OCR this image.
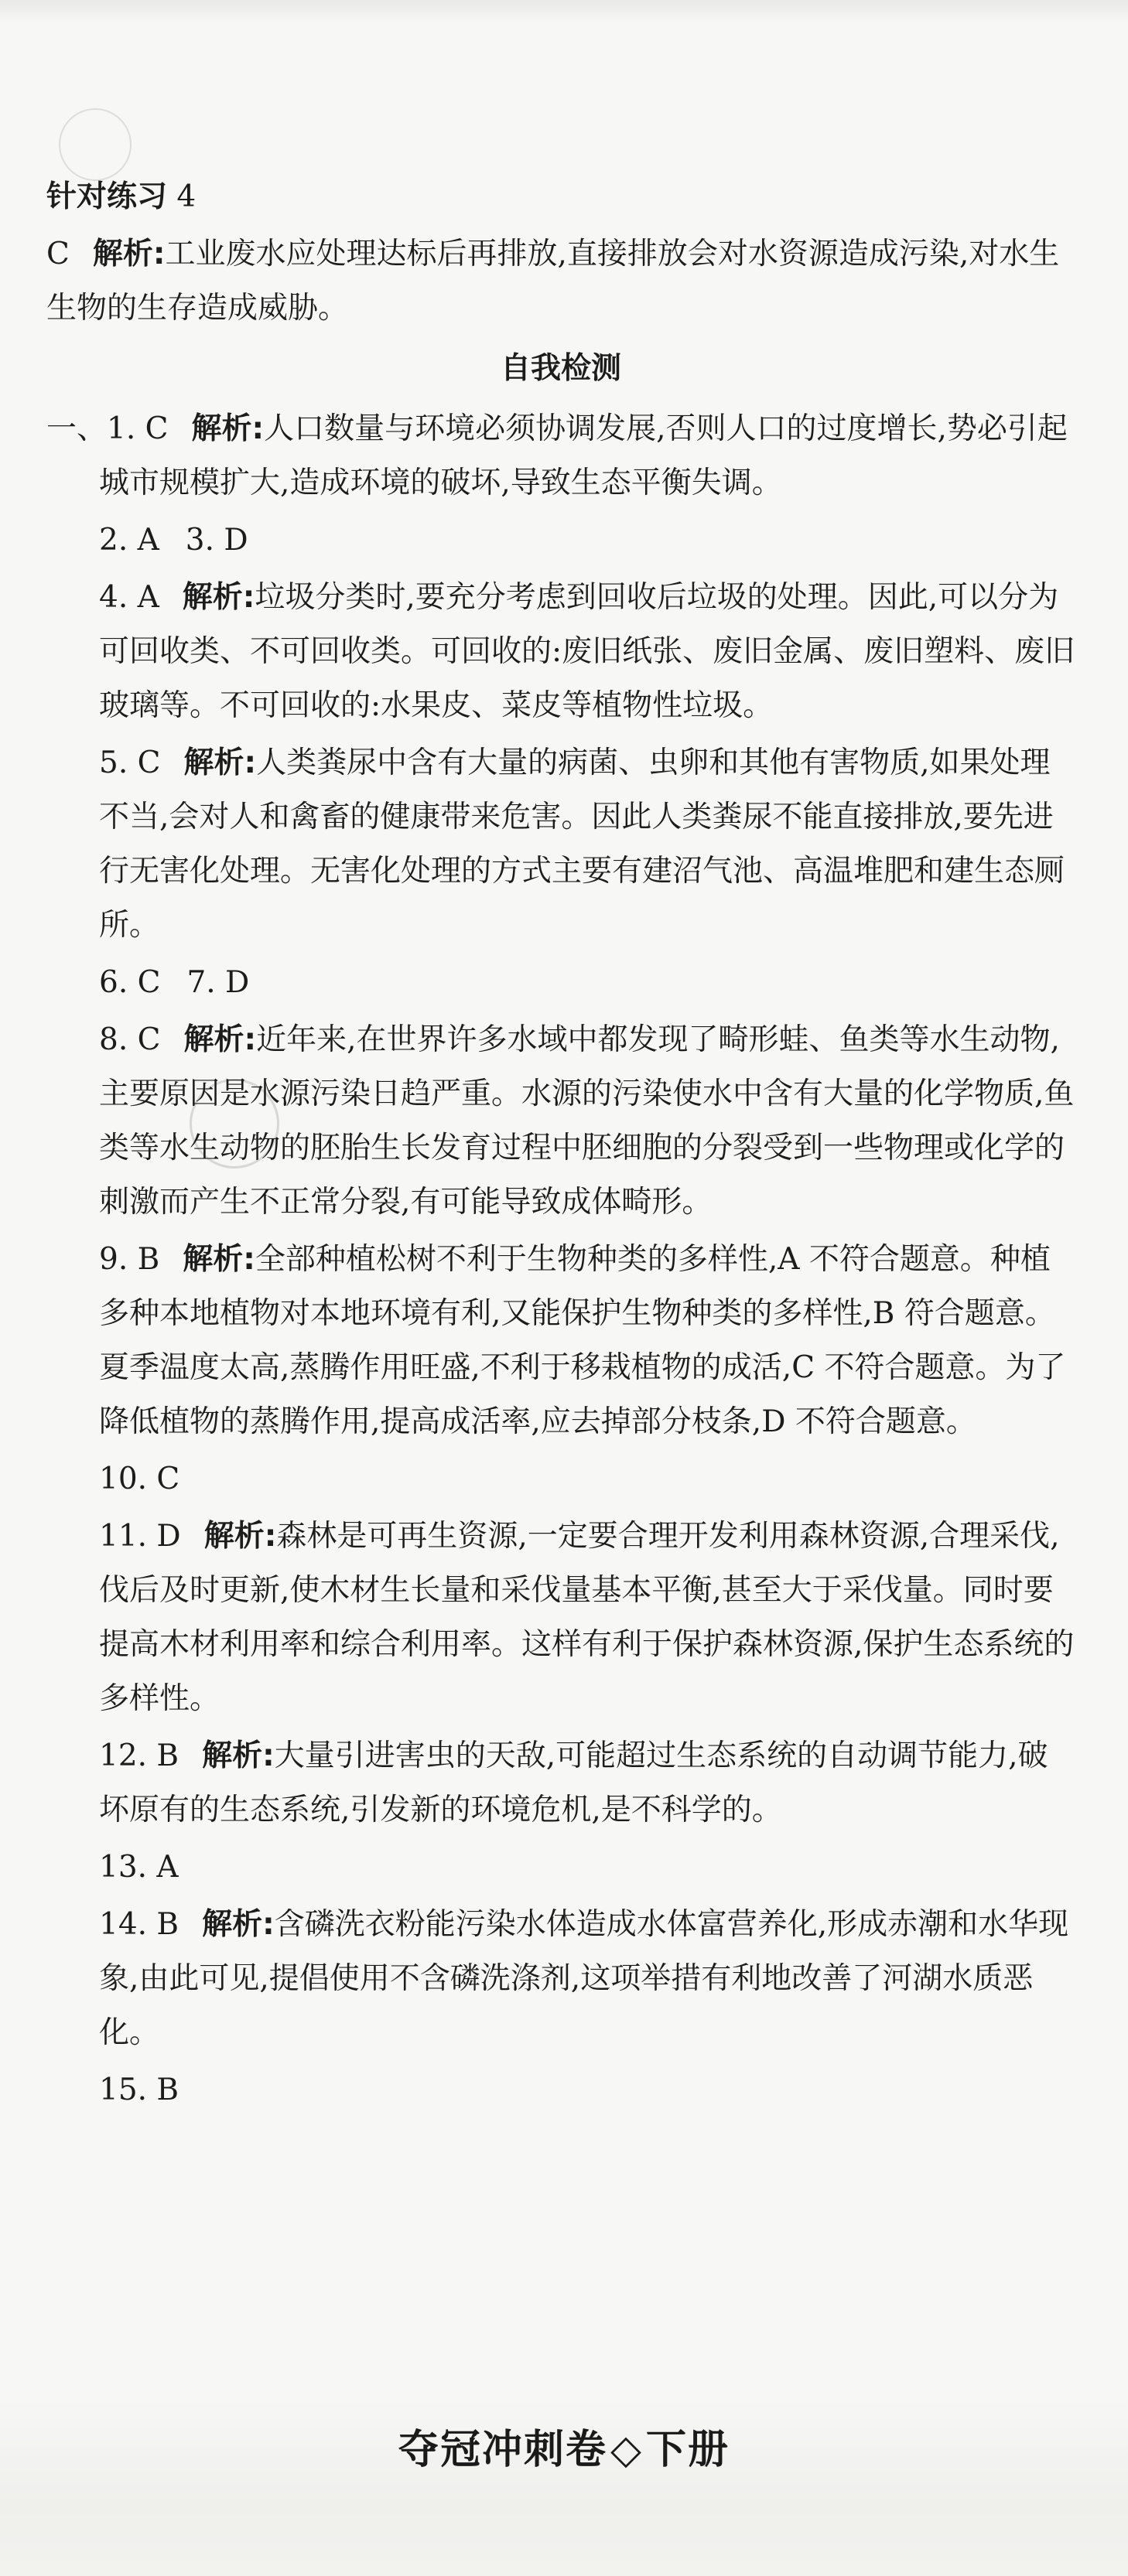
针对练习 4

C 解析:工业废水应处理达标后再排放,直接排放会对水资源造成污染,对水生生物的生存造成威胁。

自我检测

一、1. C 解析:人口数量与环境必须协调发展,否则人口的过度增长,势必引起城市规模扩大,造成环境的破坏,导致生态平衡失调。

2. A 3. D

4. A 解析:垃圾分类时,要充分考虑到回收后垃圾的处理。因此,可以分为可回收类、不可回收类。可回收的:废旧纸张、废旧金属、废旧塑料、废旧玻璃等。不可回收的:水果皮、菜皮等植物性垃圾。

5. C 解析:人类粪尿中含有大量的病菌、虫卵和其他有害物质,如果处理不当,会对人和禽畜的健康带来危害。因此人类粪尿不能直接排放,要先进行无害化处理。无害化处理的方式主要有建沼气池、高温堆肥和建生态厕所。

6. C 7. D

8. C 解析:近年来,在世界许多水域中都发现了畸形蛙、鱼类等水生动物,主要原因是水源污染日趋严重。水源的污染使水中含有大量的化学物质,鱼类等水生动物的胚胎生长发育过程中胚细胞的分裂受到一些物理或化学的刺激而产生不正常分裂,有可能导致成体畸形。

9. B 解析:全部种植松树不利于生物种类的多样性,A 不符合题意。种植多种本地植物对本地环境有利,又能保护生物种类的多样性,B 符合题意。夏季温度太高,蒸腾作用旺盛,不利于移栽植物的成活,C 不符合题意。为了降低植物的蒸腾作用,提高成活率,应去掉部分枝条,D 不符合题意。

10. C

11. D 解析:森林是可再生资源,一定要合理开发利用森林资源,合理采伐,伐后及时更新,使木材生长量和采伐量基本平衡,甚至大于采伐量。同时要提高木材利用率和综合利用率。这样有利于保护森林资源,保护生态系统的多样性。

12. B 解析:大量引进害虫的天敌,可能超过生态系统的自动调节能力,破坏原有的生态系统,引发新的环境危机,是不科学的。

13. A

14. B 解析:含磷洗衣粉能污染水体造成水体富营养化,形成赤潮和水华现象,由此可见,提倡使用不含磷洗涤剂,这项举措有利地改善了河湖水质恶化。

15. B

夺冠冲刺卷◇下册
